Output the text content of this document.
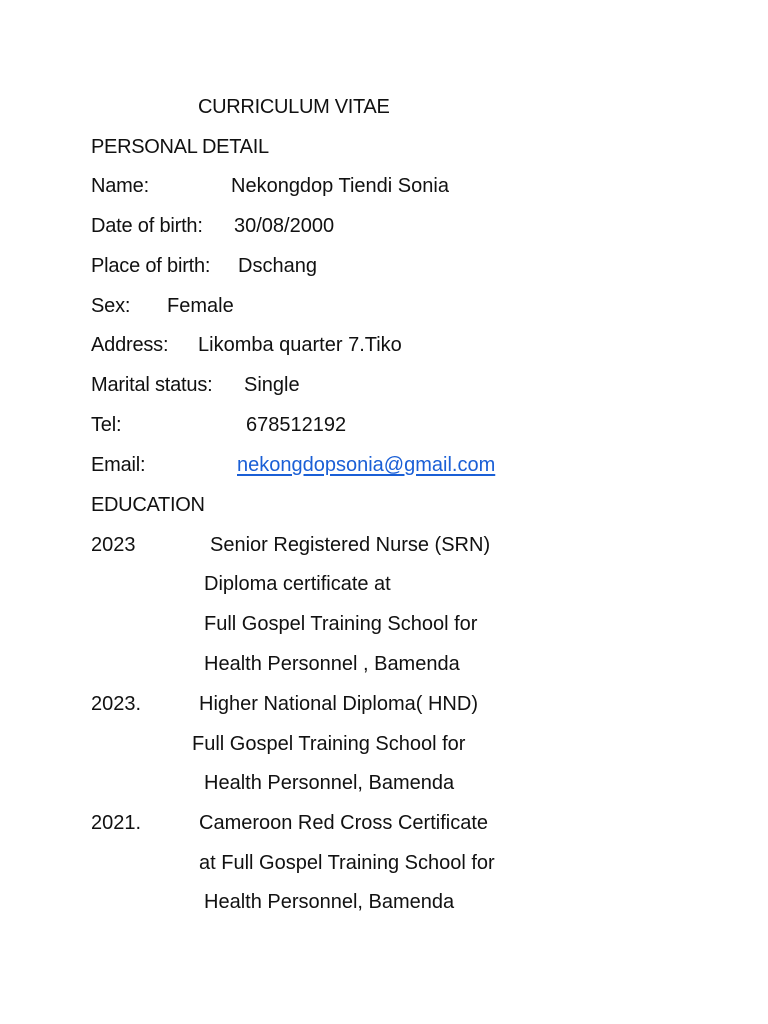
CURRICULUM VITAE
PERSONAL DETAIL
Name:	Nekongdop Tiendi Sonia
Date of birth: 30/08/2000
Place of birth: Dschang
Sex: Female
Address: Likomba quarter 7.Tiko
Marital status: Single
Tel:	678512192
Email:	nekongdopsonia@gmail.com
EDUCATION
2023	Senior Registered Nurse (SRN)
Diploma certificate at
Full Gospel Training School for
Health Personnel , Bamenda
2023.	Higher National Diploma( HND)
Full Gospel Training School for
Health Personnel, Bamenda
2021.	Cameroon Red Cross Certificate
at Full Gospel Training School for
Health Personnel, Bamenda
